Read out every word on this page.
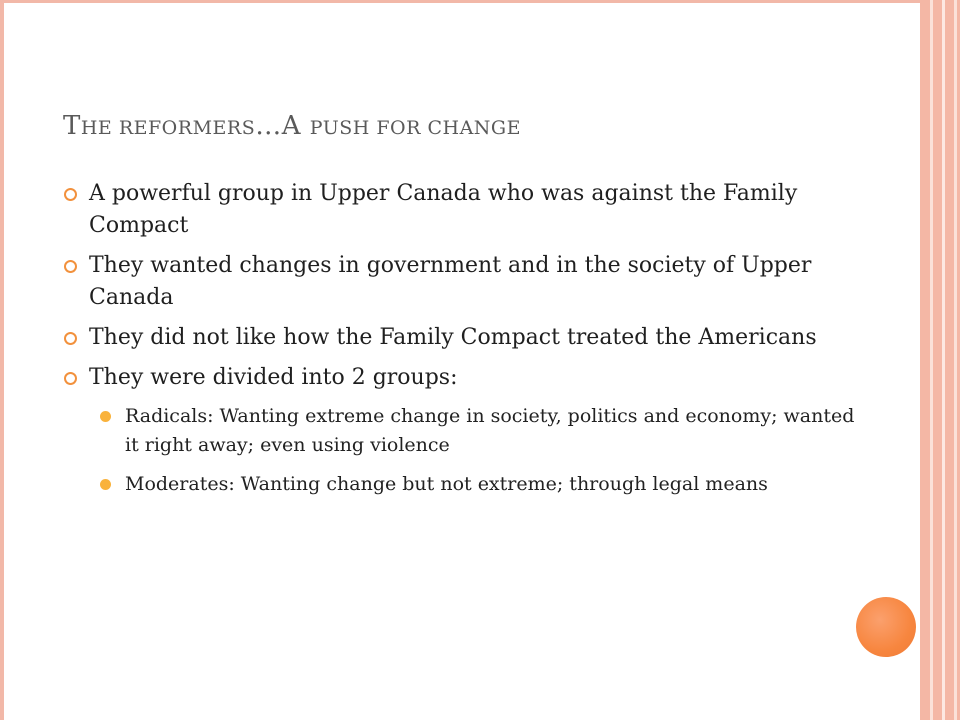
THE REFORMERS…A PUSH FOR CHANGE
A powerful group in Upper Canada who was against the Family Compact
They wanted changes in government and in the society of Upper Canada
They did not like how the Family Compact treated the Americans
They were divided into 2 groups:
Radicals: Wanting extreme change in society, politics and economy; wanted it right away; even using violence
Moderates: Wanting change but not extreme; through legal means
